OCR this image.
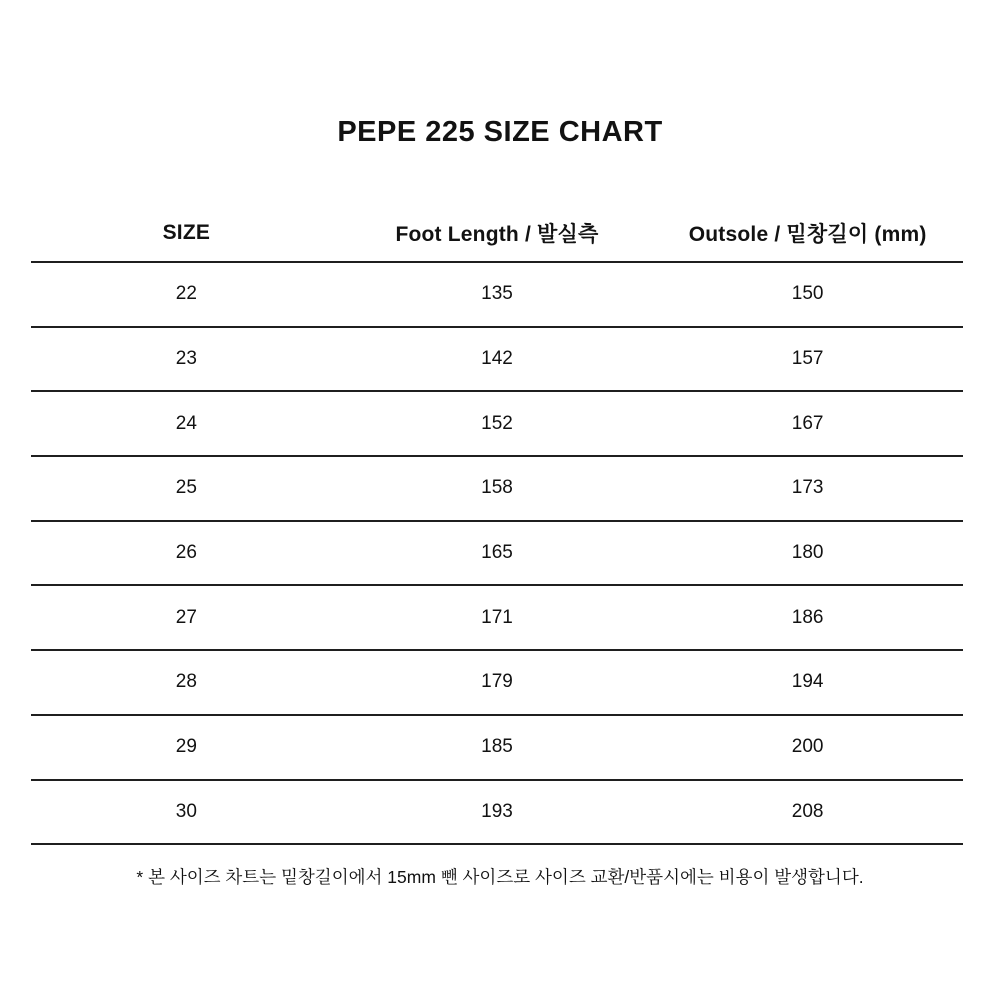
PEPE 225 SIZE CHART
SIZE	Foot Length / 발실측	Outsole / 밑창길이 (mm)
22	135	150
23	142	157
24	152	167
25	158	173
26	165	180
27	171	186
28	179	194
29	185	200
30	193	208

* 본 사이즈 차트는 밑창길이에서 15mm 뺀 사이즈로 사이즈 교환/반품시에는 비용이 발생합니다.
